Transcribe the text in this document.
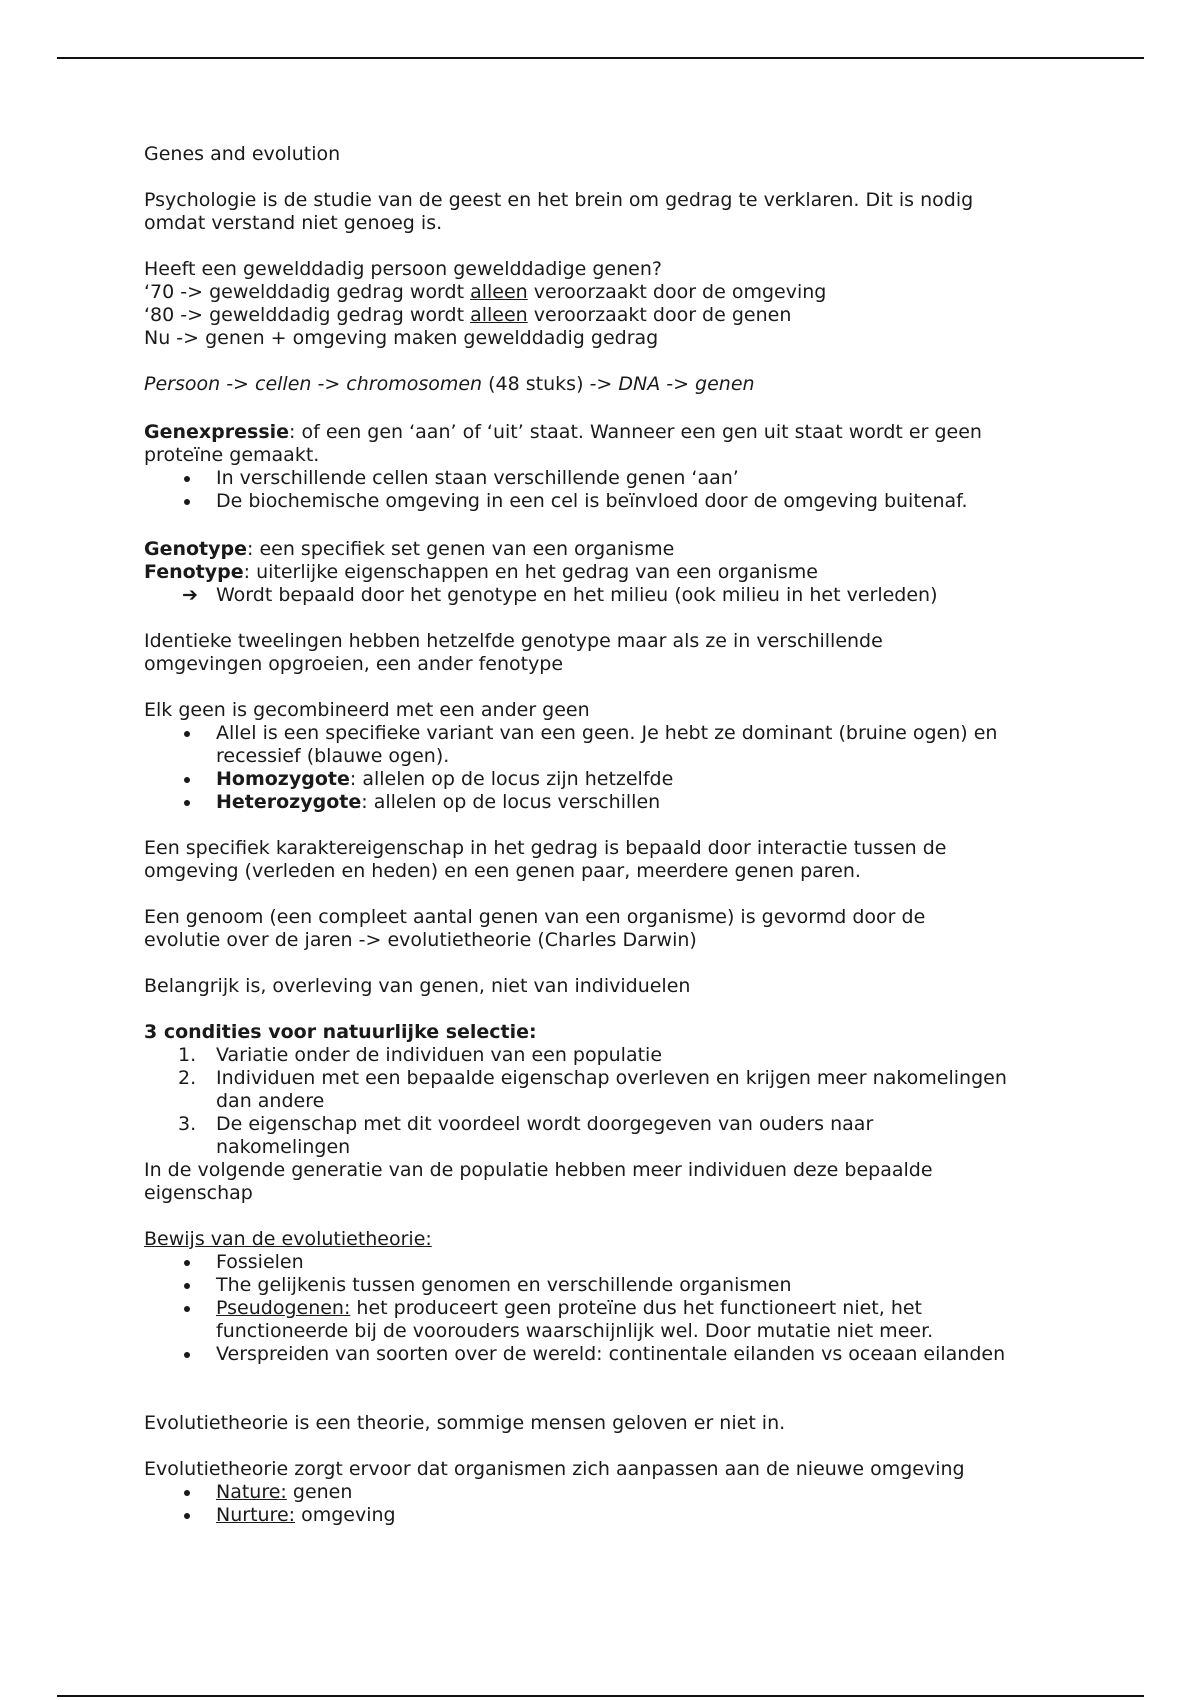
Genes and evolution

Psychologie is de studie van de geest en het brein om gedrag te verklaren. Dit is nodig

omdat verstand niet genoeg is.

Heeft een gewelddadig persoon gewelddadige genen?

‘70 -> gewelddadig gedrag wordt alleen veroorzaakt door de omgeving

‘80 -> gewelddadig gedrag wordt alleen veroorzaakt door de genen

Nu -> genen + omgeving maken gewelddadig gedrag

Persoon -> cellen -> chromosomen (48 stuks) -> DNA -> genen

Genexpressie: of een gen ‘aan’ of ‘uit’ staat. Wanneer een gen uit staat wordt er geen

proteïne gemaakt.

In verschillende cellen staan verschillende genen ‘aan’
De biochemische omgeving in een cel is beïnvloed door de omgeving buitenaf.

Genotype: een specifiek set genen van een organisme

Fenotype: uiterlijke eigenschappen en het gedrag van een organisme

➔ Wordt bepaald door het genotype en het milieu (ook milieu in het verleden)

Identieke tweelingen hebben hetzelfde genotype maar als ze in verschillende

omgevingen opgroeien, een ander fenotype

Elk geen is gecombineerd met een ander geen

Allel is een specifieke variant van een geen. Je hebt ze dominant (bruine ogen) en
recessief (blauwe ogen).
Homozygote: allelen op de locus zijn hetzelfde
Heterozygote: allelen op de locus verschillen

Een specifiek karaktereigenschap in het gedrag is bepaald door interactie tussen de

omgeving (verleden en heden) en een genen paar, meerdere genen paren.

Een genoom (een compleet aantal genen van een organisme) is gevormd door de

evolutie over de jaren -> evolutietheorie (Charles Darwin)

Belangrijk is, overleving van genen, niet van individuelen

3 condities voor natuurlijke selectie:

1. Variatie onder de individuen van een populatie
2. Individuen met een bepaalde eigenschap overleven en krijgen meer nakomelingen
dan andere
3. De eigenschap met dit voordeel wordt doorgegeven van ouders naar
nakomelingen

In de volgende generatie van de populatie hebben meer individuen deze bepaalde

eigenschap

Bewijs van de evolutietheorie:

Fossielen
The gelijkenis tussen genomen en verschillende organismen
Pseudogenen: het produceert geen proteïne dus het functioneert niet, het
functioneerde bij de voorouders waarschijnlijk wel. Door mutatie niet meer.
Verspreiden van soorten over de wereld: continentale eilanden vs oceaan eilanden

Evolutietheorie is een theorie, sommige mensen geloven er niet in.

Evolutietheorie zorgt ervoor dat organismen zich aanpassen aan de nieuwe omgeving

Nature: genen
Nurture: omgeving
